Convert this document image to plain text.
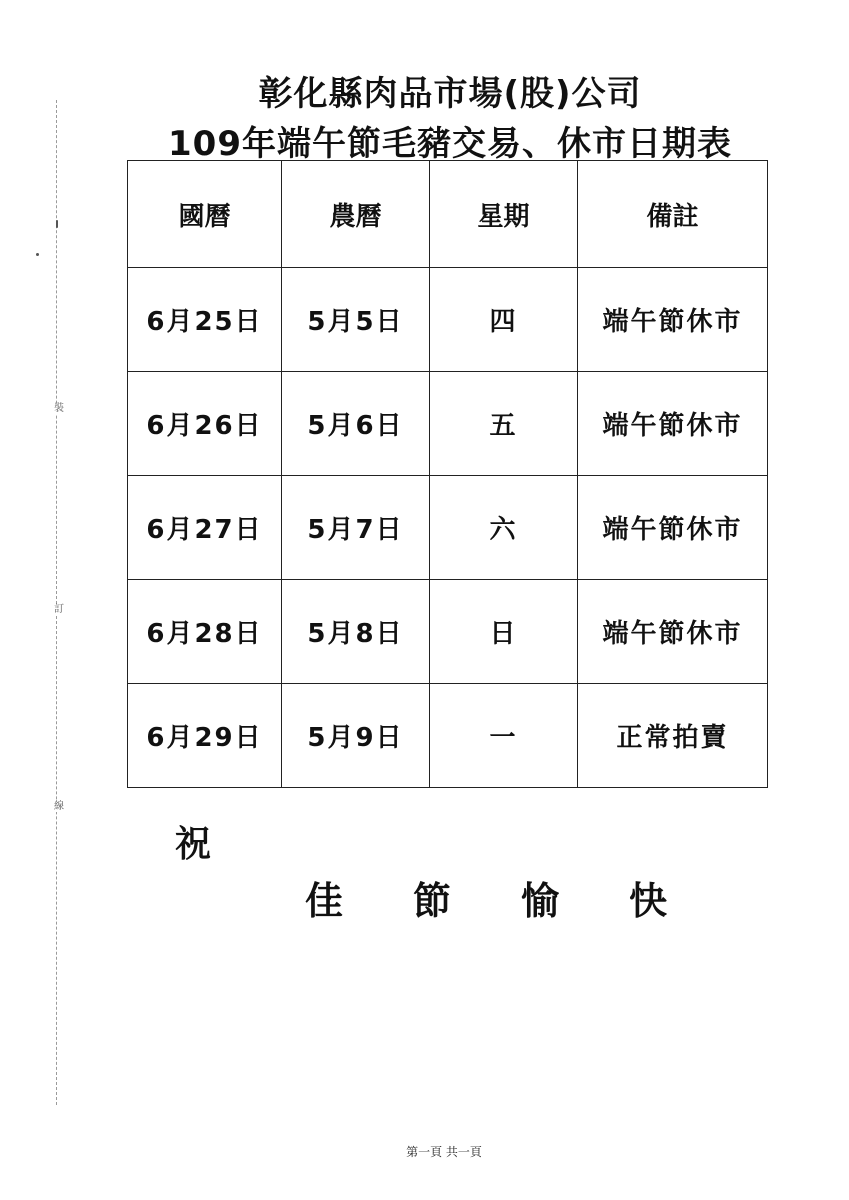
裝
訂
線
彰化縣肉品市場(股)公司
109年端午節毛豬交易、休市日期表
國曆	農曆	星期	備註
6月25日	5月5日	四	端午節休市
6月26日	5月6日	五	端午節休市
6月27日	5月7日	六	端午節休市
6月28日	5月8日	日	端午節休市
6月29日	5月9日	一	正常拍賣
祝
佳節愉快
第一頁 共一頁
